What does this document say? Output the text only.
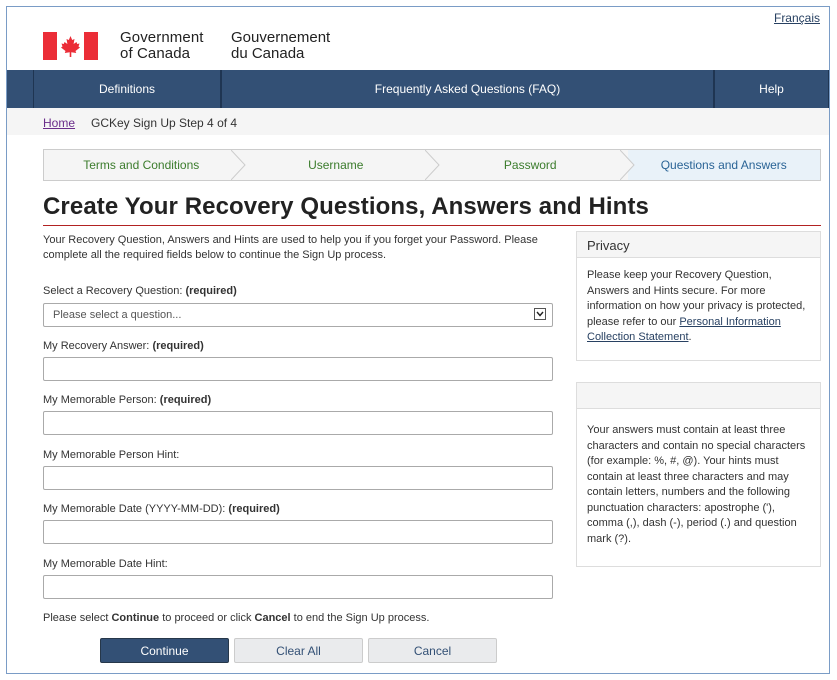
Français
Government
of Canada
Gouvernement
du Canada
Definitions	Frequently Asked Questions (FAQ)	Help
Home GCKey Sign Up Step 4 of 4
Terms and Conditions	Username	Password	Questions and Answers
Create Your Recovery Questions, Answers and Hints
Your Recovery Question, Answers and Hints are used to help you if you forget your Password. Please complete all the required fields below to continue the Sign Up process.
Select a Recovery Question: (required)
Please select a question...
My Recovery Answer: (required)
My Memorable Person: (required)
My Memorable Person Hint:
My Memorable Date (YYYY-MM-DD): (required)
My Memorable Date Hint:
Please select Continue to proceed or click Cancel to end the Sign Up process.
Continue	Clear All	Cancel
Privacy
Please keep your Recovery Question, Answers and Hints secure. For more information on how your privacy is protected, please refer to our Personal Information Collection Statement.
Your answers must contain at least three characters and contain no special characters (for example: %, #, @). Your hints must contain at least three characters and may contain letters, numbers and the following punctuation characters: apostrophe ('), comma (,), dash (-), period (.) and question mark (?).
